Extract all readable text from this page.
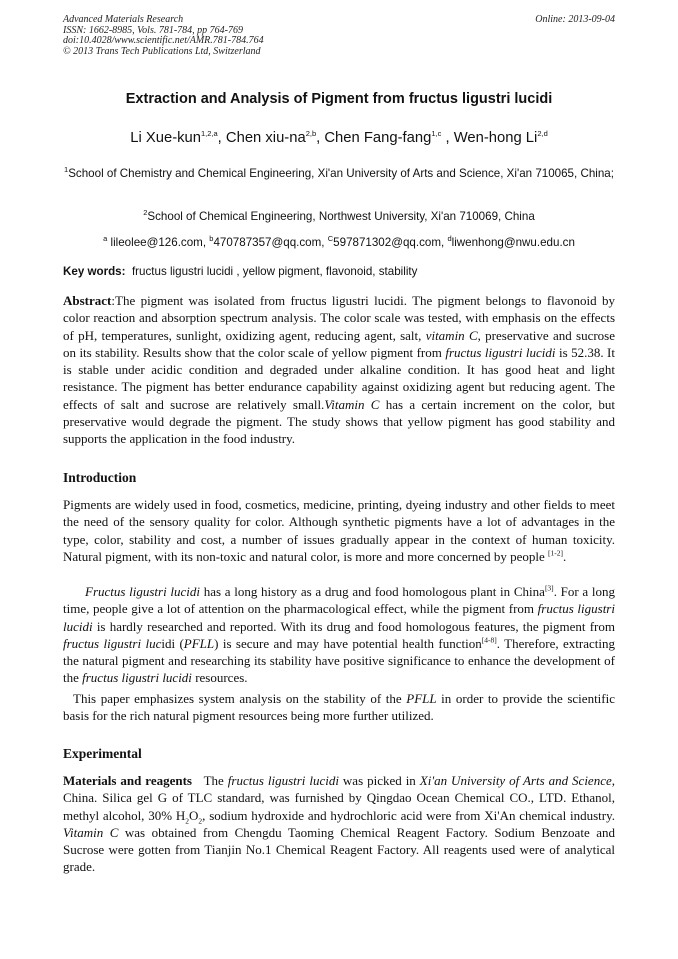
Advanced Materials Research
ISSN: 1662-8985, Vols. 781-784, pp 764-769
doi:10.4028/www.scientific.net/AMR.781-784.764
© 2013 Trans Tech Publications Ltd, Switzerland
Online: 2013-09-04
Extraction and Analysis of Pigment from fructus ligustri lucidi
Li Xue-kun$^{1,2,a}$, Chen xiu-na$^{2,b}$, Chen Fang-fang$^{1,c}$ , Wen-hong Li$^{2,d}$
$^1$School of Chemistry and Chemical Engineering, Xi'an University of Arts and Science, Xi'an 710065, China;
$^2$School of Chemical Engineering, Northwest University, Xi'an 710069, China
$^a$ lileolee@126.com, $^b$470787357@qq.com, $^C$597871302@qq.com, $^d$liwenhong@nwu.edu.cn
Key words: fructus ligustri lucidi , yellow pigment, flavonoid, stability
Abstract:The pigment was isolated from fructus ligustri lucidi. The pigment belongs to flavonoid by color reaction and absorption spectrum analysis. The color scale was tested, with emphasis on the effects of pH, temperatures, sunlight, oxidizing agent, reducing agent, salt, vitamin C, preservative and sucrose on its stability. Results show that the color scale of yellow pigment from fructus ligustri lucidi is 52.38. It is stable under acidic condition and degraded under alkaline condition. It has good heat and light resistance. The pigment has better endurance capability against oxidizing agent but reducing agent. The effects of salt and sucrose are relatively small.Vitamin C has a certain increment on the color, but preservative would degrade the pigment. The study shows that yellow pigment has good stability and supports the application in the food industry.
Introduction
Pigments are widely used in food, cosmetics, medicine, printing, dyeing industry and other fields to meet the need of the sensory quality for color. Although synthetic pigments have a lot of advantages in the type, color, stability and cost, a number of issues gradually appear in the context of human toxicity. Natural pigment, with its non-toxic and natural color, is more and more concerned by people [1-2].
Fructus ligustri lucidi has a long history as a drug and food homologous plant in China[3]. For a long time, people give a lot of attention on the pharmacological effect, while the pigment from fructus ligustri lucidi is hardly researched and reported. With its drug and food homologous features, the pigment from fructus ligustri lucidi (PFLL) is secure and may have potential health function[4-8]. Therefore, extracting the natural pigment and researching its stability have positive significance to enhance the development of the fructus ligustri lucidi resources.
This paper emphasizes system analysis on the stability of the PFLL in order to provide the scientific basis for the rich natural pigment resources being more further utilized.
Experimental
Materials and reagents   The fructus ligustri lucidi was picked in Xi'an University of Arts and Science, China. Silica gel G of TLC standard, was furnished by Qingdao Ocean Chemical CO., LTD. Ethanol, methyl alcohol, 30% $H_2O_2$, sodium hydroxide and hydrochloric acid were from Xi'An chemical industry. Vitamin C was obtained from Chengdu Taoming Chemical Reagent Factory. Sodium Benzoate and Sucrose were gotten from Tianjin No.1 Chemical Reagent Factory. All reagents used were of analytical grade.
